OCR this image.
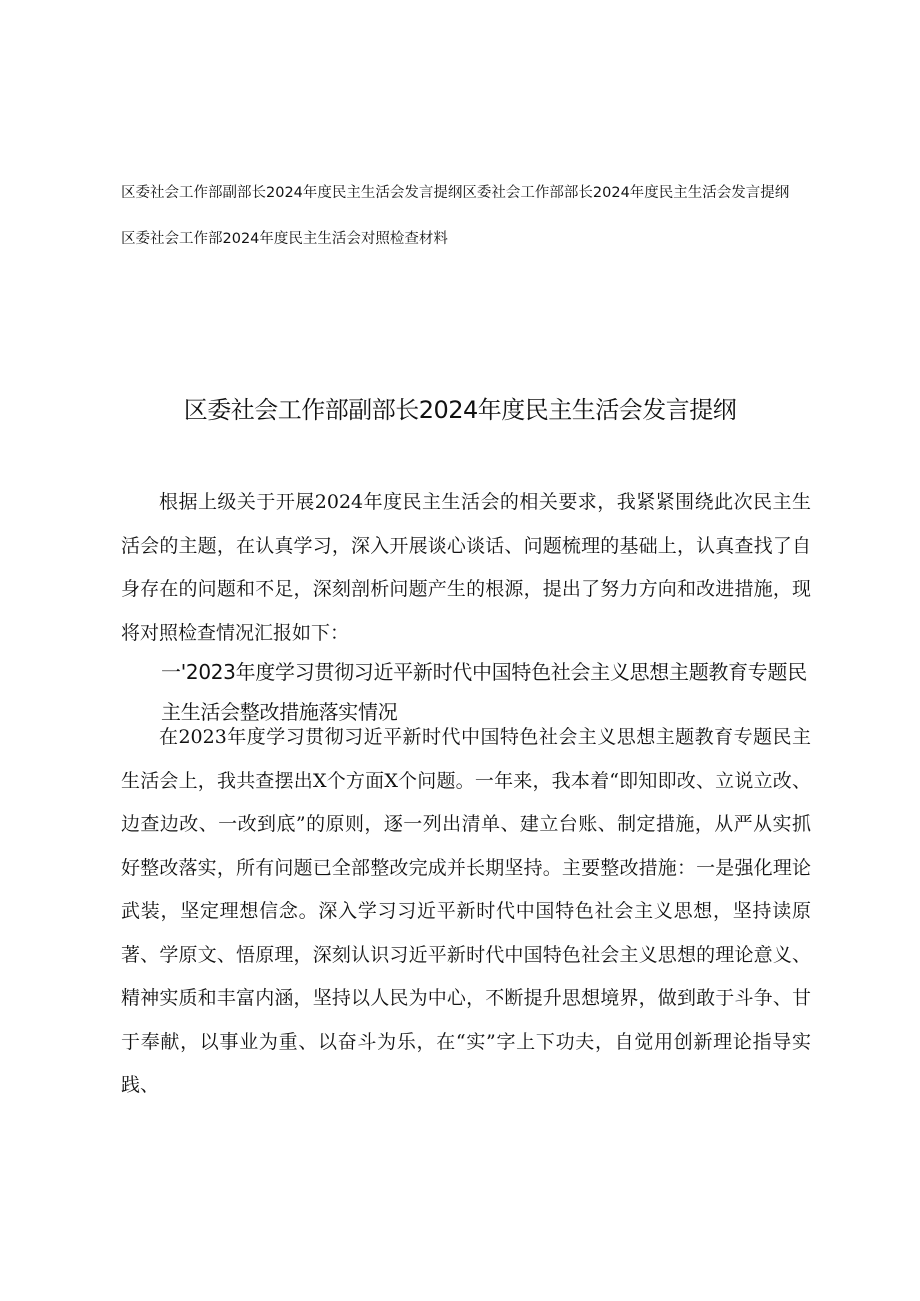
区委社会工作部副部长2024年度民主生活会发言提纲区委社会工作部部长2024年度民主生活会发言提纲

区委社会工作部2024年度民主生活会对照检查材料

区委社会工作部副部长2024年度民主生活会发言提纲
根据上级关于开展2024年度民主生活会的相关要求，我紧紧围绕此次民主生活会的主题，在认真学习，深入开展谈心谈话、问题梳理的基础上，认真查找了自身存在的问题和不足，深刻剖析问题产生的根源，提出了努力方向和改进措施，现将对照检查情况汇报如下：
一'2023年度学习贯彻习近平新时代中国特色社会主义思想主题教育专题民主生活会整改措施落实情况
在2023年度学习贯彻习近平新时代中国特色社会主义思想主题教育专题民主生活会上，我共查摆出X个方面X个问题。一年来，我本着“即知即改、立说立改、边查边改、一改到底”的原则，逐一列出清单、建立台账、制定措施，从严从实抓好整改落实，所有问题已全部整改完成并长期坚持。主要整改措施：一是强化理论武装，坚定理想信念。深入学习习近平新时代中国特色社会主义思想，坚持读原著、学原文、悟原理，深刻认识习近平新时代中国特色社会主义思想的理论意义、精神实质和丰富内涵，坚持以人民为中心，不断提升思想境界，做到敢于斗争、甘于奉献，以事业为重、以奋斗为乐，在“实”字上下功夫，自觉用创新理论指导实践、
